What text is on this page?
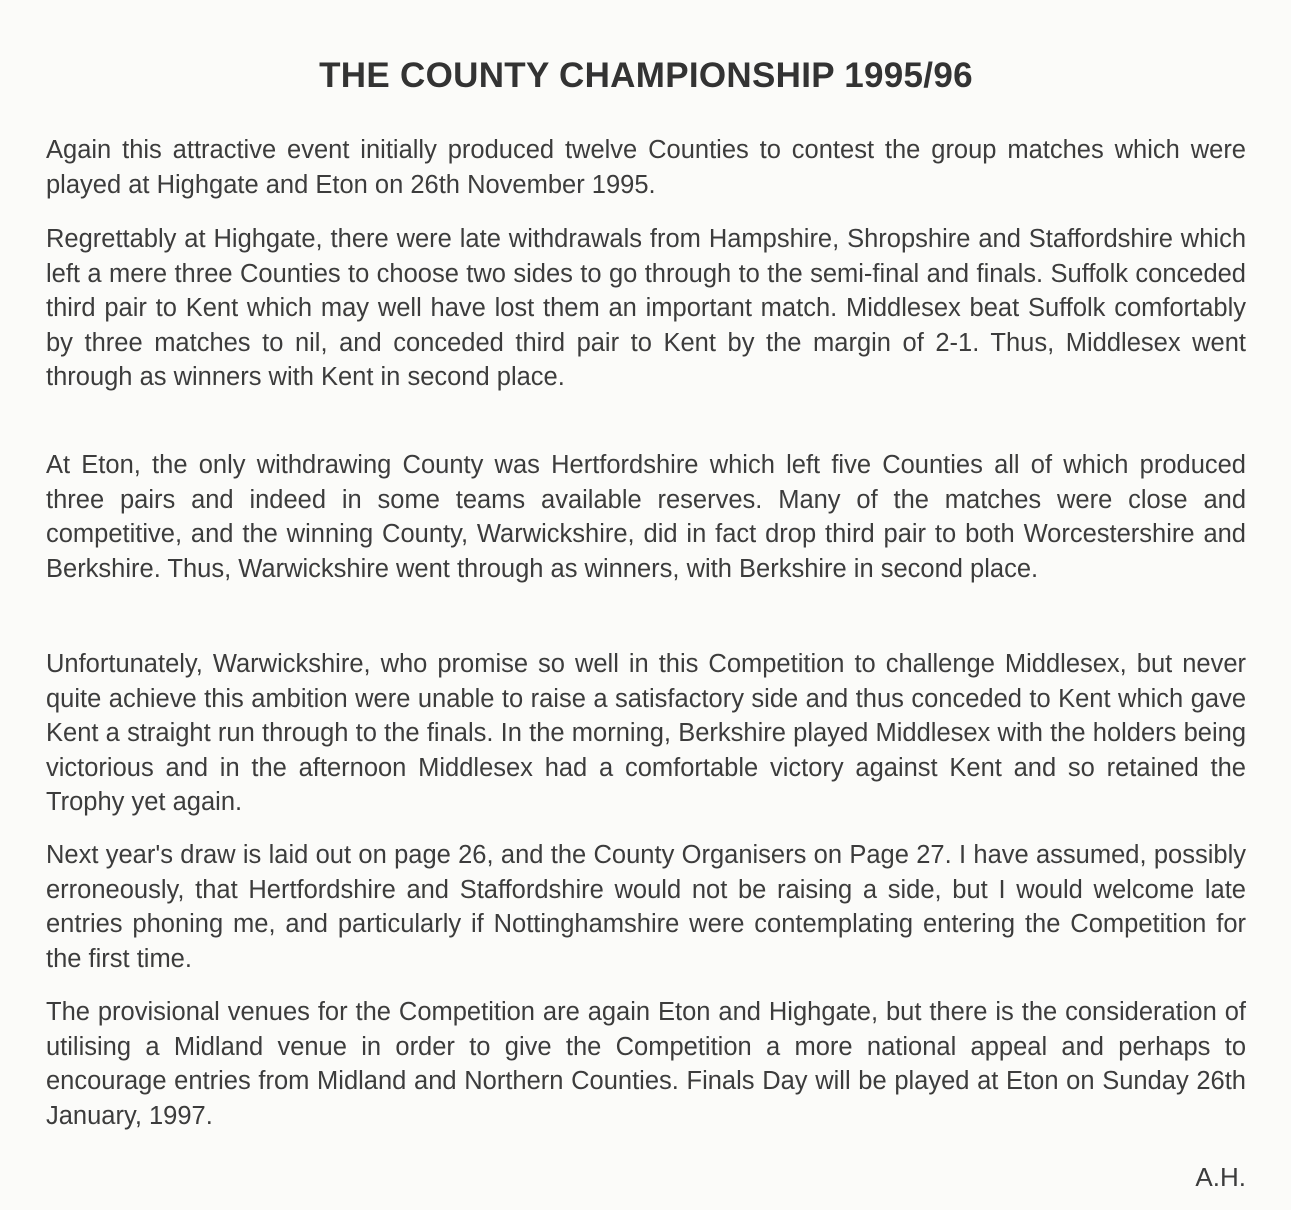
THE COUNTY CHAMPIONSHIP 1995/96

Again this attractive event initially produced twelve Counties to contest the group matches which were played at Highgate and Eton on 26th November 1995.

Regrettably at Highgate, there were late withdrawals from Hampshire, Shropshire and Staffordshire which left a mere three Counties to choose two sides to go through to the semi-final and finals. Suffolk conceded third pair to Kent which may well have lost them an important match. Middlesex beat Suffolk comfortably by three matches to nil, and conceded third pair to Kent by the margin of 2-1. Thus, Middlesex went through as winners with Kent in second place.

At Eton, the only withdrawing County was Hertfordshire which left five Counties all of which produced three pairs and indeed in some teams available reserves. Many of the matches were close and competitive, and the winning County, Warwickshire, did in fact drop third pair to both Worcestershire and Berkshire. Thus, Warwickshire went through as winners, with Berkshire in second place.

Unfortunately, Warwickshire, who promise so well in this Competition to challenge Middlesex, but never quite achieve this ambition were unable to raise a satisfactory side and thus conceded to Kent which gave Kent a straight run through to the finals. In the morning, Berkshire played Middlesex with the holders being victorious and in the afternoon Middlesex had a comfortable victory against Kent and so retained the Trophy yet again.

Next year's draw is laid out on page 26, and the County Organisers on Page 27. I have assumed, possibly erroneously, that Hertfordshire and Staffordshire would not be raising a side, but I would welcome late entries phoning me, and particularly if Nottinghamshire were contemplating entering the Competition for the first time.

The provisional venues for the Competition are again Eton and Highgate, but there is the consideration of utilising a Midland venue in order to give the Competition a more national appeal and perhaps to encourage entries from Midland and Northern Counties. Finals Day will be played at Eton on Sunday 26th January, 1997.

A.H.
